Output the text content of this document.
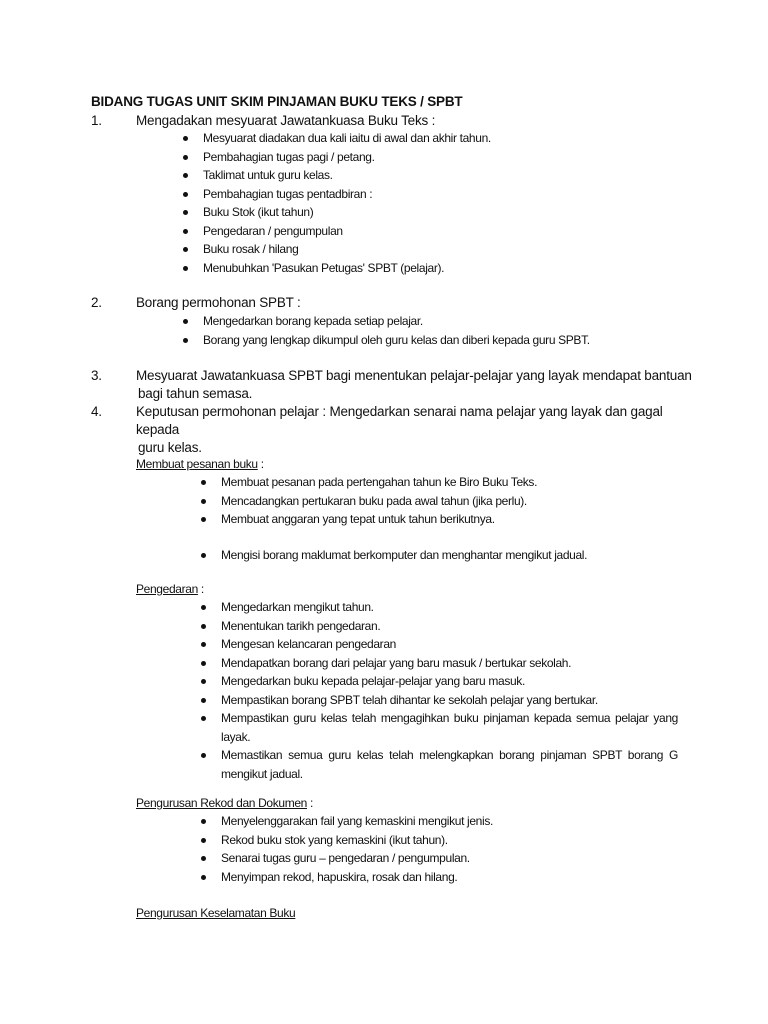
BIDANG TUGAS UNIT SKIM PINJAMAN BUKU TEKS / SPBT
1.	Mengadakan mesyuarat Jawatankuasa Buku Teks :
Mesyuarat diadakan dua kali iaitu di awal dan akhir tahun.
Pembahagian tugas pagi / petang.
Taklimat untuk guru kelas.
Pembahagian tugas pentadbiran :
Buku Stok (ikut tahun)
Pengedaran / pengumpulan
Buku rosak / hilang
Menubuhkan 'Pasukan Petugas' SPBT (pelajar).
2.	Borang permohonan SPBT :
Mengedarkan borang kepada setiap pelajar.
Borang yang lengkap dikumpul oleh guru kelas dan diberi kepada guru SPBT.
3.	Mesyuarat Jawatankuasa SPBT bagi menentukan pelajar-pelajar yang layak mendapat bantuan
bagi tahun semasa.
4.	Keputusan permohonan pelajar : Mengedarkan senarai nama pelajar yang layak dan gagal kepada
guru kelas.
Membuat pesanan buku :
Membuat pesanan pada pertengahan tahun ke Biro Buku Teks.
Mencadangkan pertukaran buku pada awal tahun (jika perlu).
Membuat anggaran yang tepat untuk tahun berikutnya.
Mengisi borang maklumat berkomputer dan menghantar mengikut jadual.
Pengedaran :
Mengedarkan mengikut tahun.
Menentukan tarikh pengedaran.
Mengesan kelancaran pengedaran
Mendapatkan borang dari pelajar yang baru masuk / bertukar sekolah.
Mengedarkan buku kepada pelajar-pelajar yang baru masuk.
Mempastikan borang SPBT telah dihantar ke sekolah pelajar yang bertukar.
Mempastikan guru kelas telah mengagihkan buku pinjaman kepada semua pelajar yang layak.
Memastikan semua guru kelas telah melengkapkan borang pinjaman SPBT borang G mengikut jadual.
Pengurusan Rekod dan Dokumen :
Menyelenggarakan fail yang kemaskini mengikut jenis.
Rekod buku stok yang kemaskini (ikut tahun).
Senarai tugas guru – pengedaran / pengumpulan.
Menyimpan rekod, hapuskira, rosak dan hilang.
Pengurusan Keselamatan Buku
